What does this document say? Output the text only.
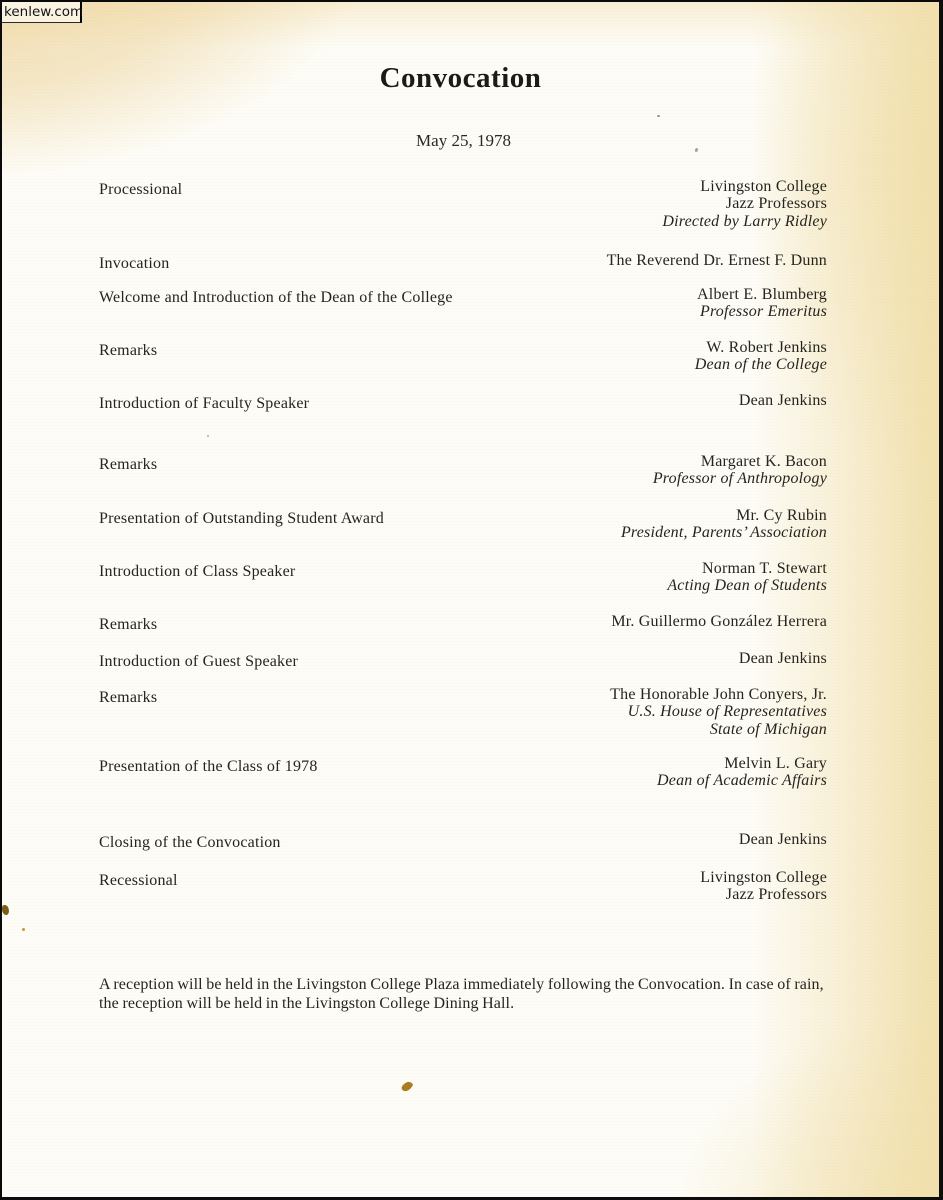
kenlew.com
Convocation
May 25, 1978
Processional	Livingston College
Jazz Professors
Directed by Larry Ridley
Invocation	The Reverend Dr. Ernest F. Dunn
Welcome and Introduction of the Dean of the College	Albert E. Blumberg
Professor Emeritus
Remarks	W. Robert Jenkins
Dean of the College
Introduction of Faculty Speaker	Dean Jenkins
Remarks	Margaret K. Bacon
Professor of Anthropology
Presentation of Outstanding Student Award	Mr. Cy Rubin
President, Parents’ Association
Introduction of Class Speaker	Norman T. Stewart
Acting Dean of Students
Remarks	Mr. Guillermo González Herrera
Introduction of Guest Speaker	Dean Jenkins
Remarks	The Honorable John Conyers, Jr.
U.S. House of Representatives
State of Michigan
Presentation of the Class of 1978	Melvin L. Gary
Dean of Academic Affairs
Closing of the Convocation	Dean Jenkins
Recessional	Livingston College
Jazz Professors
A reception will be held in the Livingston College Plaza immediately following the Convocation. In case of rain,
the reception will be held in the Livingston College Dining Hall.
